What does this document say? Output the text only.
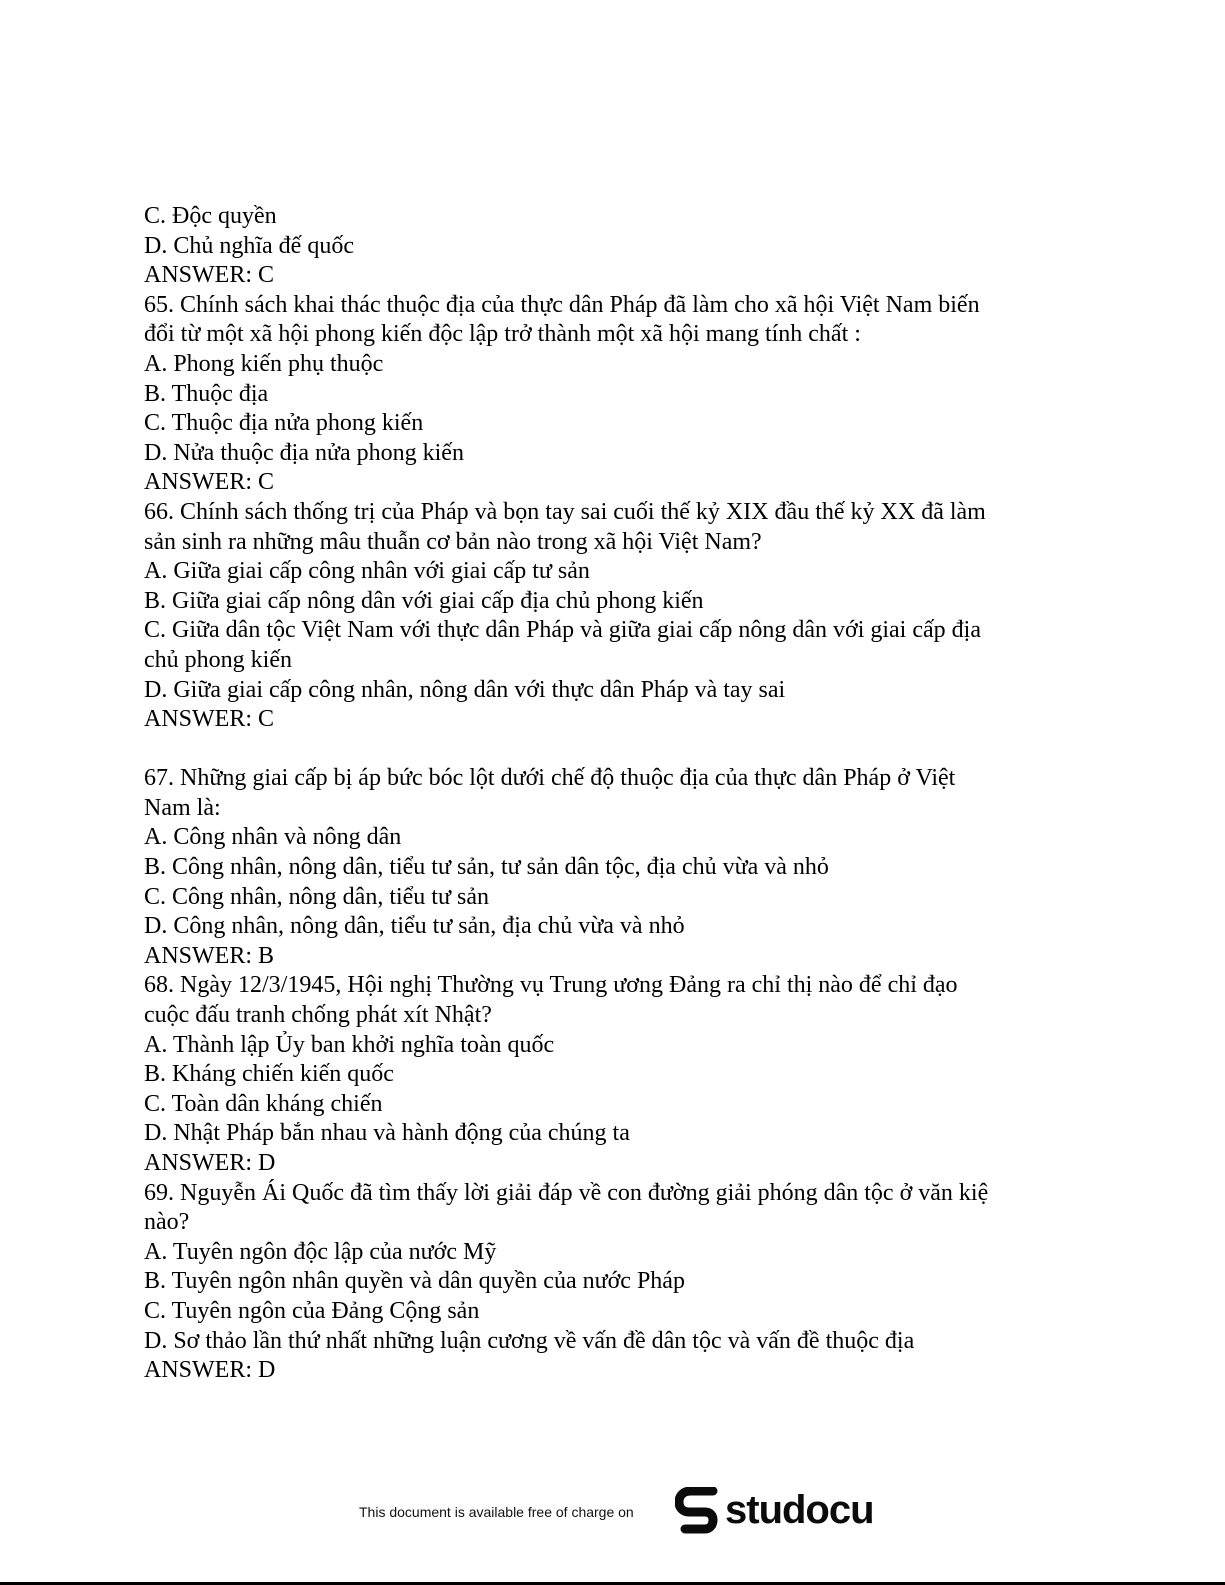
C. Độc quyền
D. Chủ nghĩa đế quốc
ANSWER: C
65. Chính sách khai thác thuộc địa của thực dân Pháp đã làm cho xã hội Việt Nam biến
đổi từ một xã hội phong kiến độc lập trở thành một xã hội mang tính chất :
A. Phong kiến phụ thuộc
B. Thuộc địa
C. Thuộc địa nửa phong kiến
D. Nửa thuộc địa nửa phong kiến
ANSWER: C
66. Chính sách thống trị của Pháp và bọn tay sai cuối thế kỷ XIX đầu thế kỷ XX đã làm
sản sinh ra những mâu thuẫn cơ bản nào trong xã hội Việt Nam?
A. Giữa giai cấp công nhân với giai cấp tư sản
B. Giữa giai cấp nông dân với giai cấp địa chủ phong kiến
C. Giữa dân tộc Việt Nam với thực dân Pháp và giữa giai cấp nông dân với giai cấp địa
chủ phong kiến
D. Giữa giai cấp công nhân, nông dân với thực dân Pháp và tay sai
ANSWER: C
67. Những giai cấp bị áp bức bóc lột dưới chế độ thuộc địa của thực dân Pháp ở Việt
Nam là:
A. Công nhân và nông dân
B. Công nhân, nông dân, tiểu tư sản, tư sản dân tộc, địa chủ vừa và nhỏ
C. Công nhân, nông dân, tiểu tư sản
D. Công nhân, nông dân, tiểu tư sản, địa chủ vừa và nhỏ
ANSWER: B
68. Ngày 12/3/1945, Hội nghị Thường vụ Trung ương Đảng ra chỉ thị nào để chỉ đạo
cuộc đấu tranh chống phát xít Nhật?
A. Thành lập Ủy ban khởi nghĩa toàn quốc
B. Kháng chiến kiến quốc
C. Toàn dân kháng chiến
D. Nhật Pháp bắn nhau và hành động của chúng ta
ANSWER: D
69. Nguyễn Ái Quốc đã tìm thấy lời giải đáp về con đường giải phóng dân tộc ở văn kiệ
nào?
A. Tuyên ngôn độc lập của nước Mỹ
B. Tuyên ngôn nhân quyền và dân quyền của nước Pháp
C. Tuyên ngôn của Đảng Cộng sản
D. Sơ thảo lần thứ nhất những luận cương về vấn đề dân tộc và vấn đề thuộc địa
ANSWER: D
This document is available free of charge on studocu
